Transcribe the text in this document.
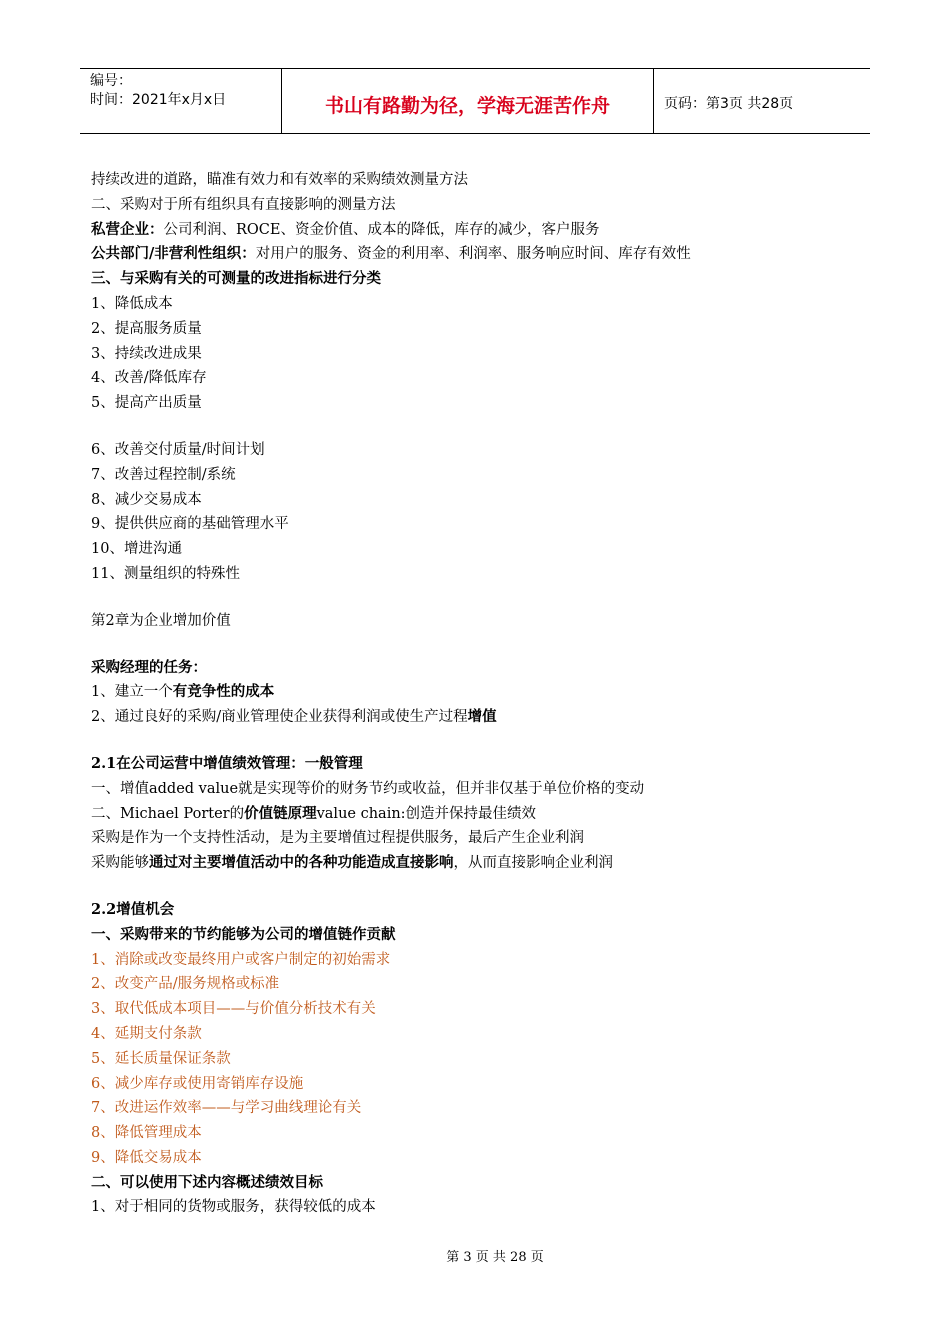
编号：
时间：2021年x月x日	书山有路勤为径，学海无涯苦作舟	页码：第3页 共28页
持续改进的道路，瞄准有效力和有效率的采购绩效测量方法
二、采购对于所有组织具有直接影响的测量方法
私营企业：公司利润、ROCE、资金价值、成本的降低，库存的减少，客户服务
公共部门/非营利性组织：对用户的服务、资金的利用率、利润率、服务响应时间、库存有效性
三、与采购有关的可测量的改进指标进行分类
1、降低成本
2、提高服务质量
3、持续改进成果
4、改善/降低库存
5、提高产出质量
6、改善交付质量/时间计划
7、改善过程控制/系统
8、减少交易成本
9、提供供应商的基础管理水平
10、增进沟通
11、测量组织的特殊性
第2章为企业增加价值
采购经理的任务：
1、建立一个有竞争性的成本
2、通过良好的采购/商业管理使企业获得利润或使生产过程增值
2.1在公司运营中增值绩效管理：一般管理
一、增值added value就是实现等价的财务节约或收益，但并非仅基于单位价格的变动
二、Michael Porter的价值链原理value chain:创造并保持最佳绩效
采购是作为一个支持性活动，是为主要增值过程提供服务，最后产生企业利润
采购能够通过对主要增值活动中的各种功能造成直接影响，从而直接影响企业利润
2.2增值机会
一、采购带来的节约能够为公司的增值链作贡献
1、消除或改变最终用户或客户制定的初始需求
2、改变产品/服务规格或标准
3、取代低成本项目——与价值分析技术有关
4、延期支付条款
5、延长质量保证条款
6、减少库存或使用寄销库存设施
7、改进运作效率——与学习曲线理论有关
8、降低管理成本
9、降低交易成本
二、可以使用下述内容概述绩效目标
1、对于相同的货物或服务，获得较低的成本
第 3 页 共 28 页
